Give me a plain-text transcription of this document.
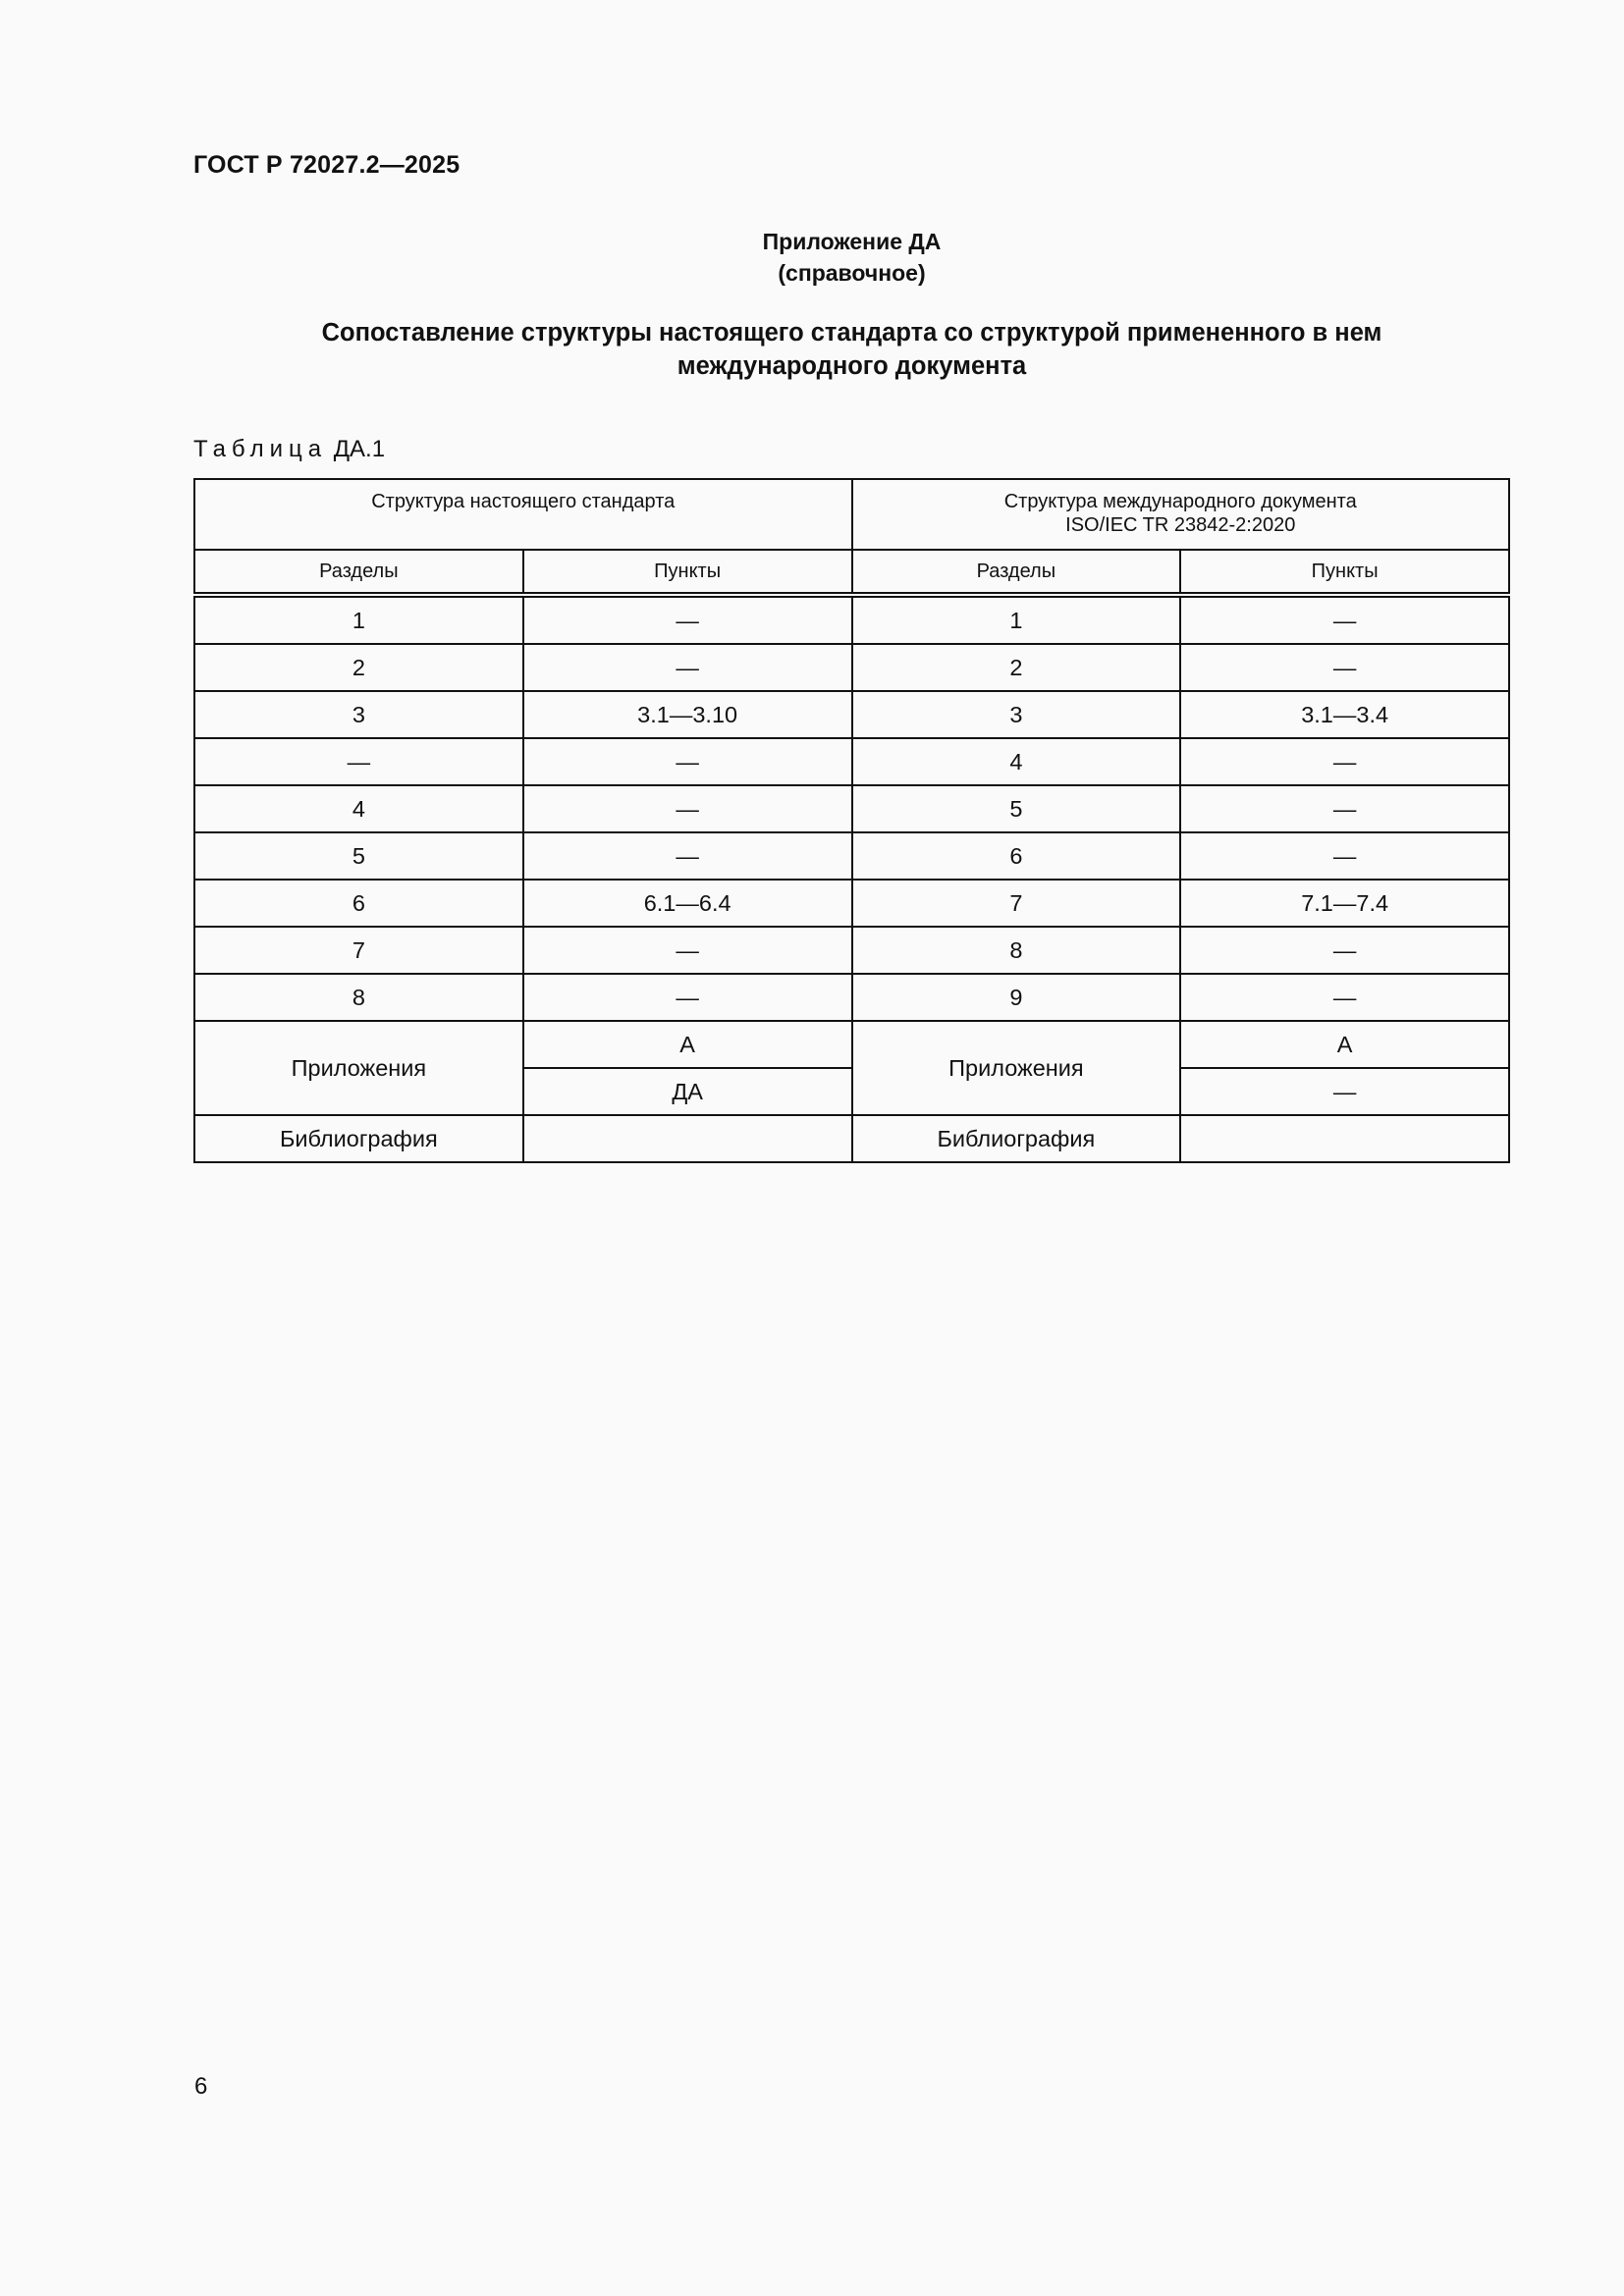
ГОСТ Р 72027.2—2025
Приложение ДА
(справочное)
Сопоставление структуры настоящего стандарта со структурой примененного в нем
международного документа
Таблица ДА.1
Структура настоящего стандарта		Структура международного документа
ISO/IEC TR 23842-2:2020	

Разделы	Пункты	Разделы	Пункты
1	—	1	—
2	—	2	—
3	3.1—3.10	3	3.1—3.4
—	—	4	—
4	—	5	—
5	—	6	—
6	6.1—6.4	7	7.1—7.4
7	—	8	—
8	—	9	—
Приложения	А	Приложения	А
	ДА		—
Библиография		Библиография	
6
